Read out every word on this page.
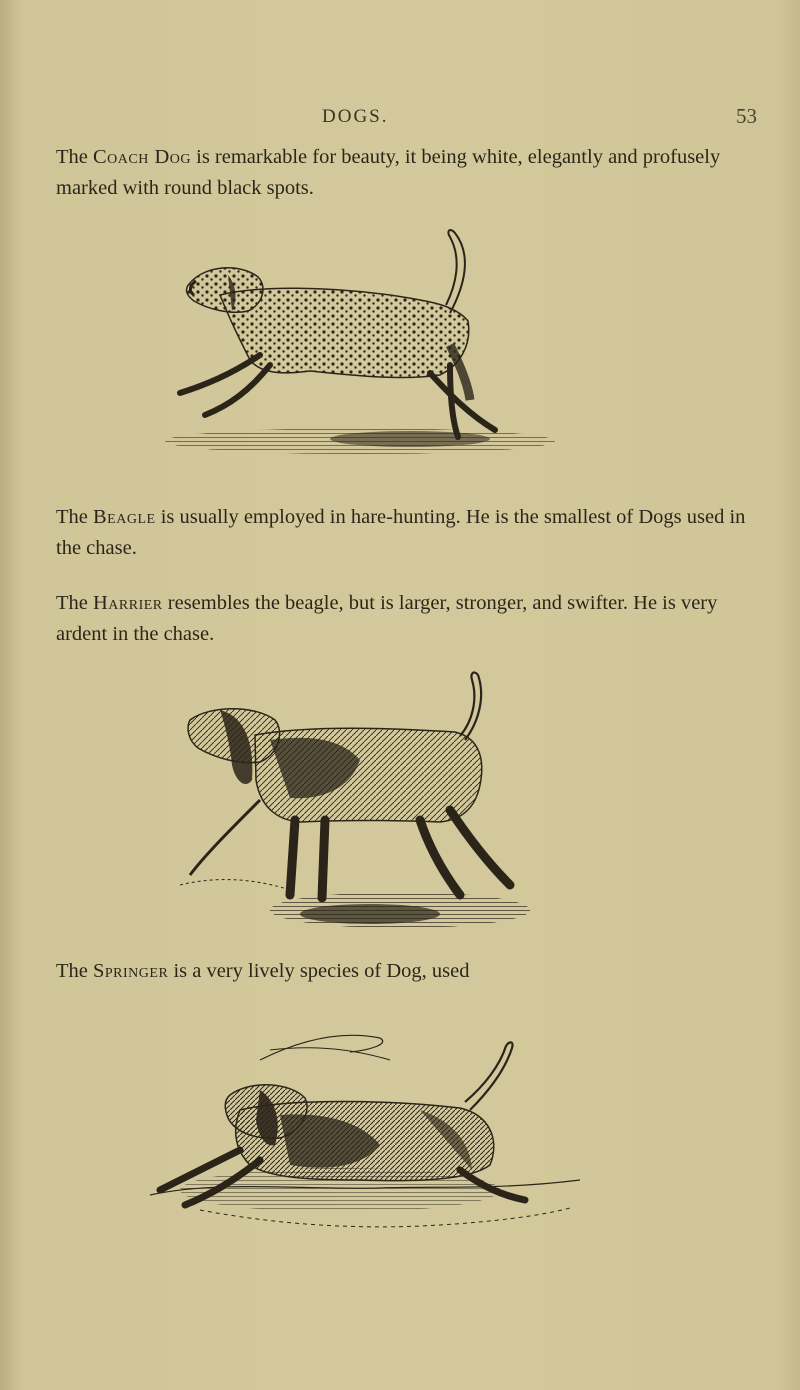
DOGS.	53

The Coach Dog is remarkable for beauty, it being white, elegantly and profusely marked with round black spots.

The Beagle is usually employed in hare-hunting. He is the smallest of Dogs used in the chase.

The Harrier resembles the beagle, but is larger, stronger, and swifter. He is very ardent in the chase.

The Springer is a very lively species of Dog, used
